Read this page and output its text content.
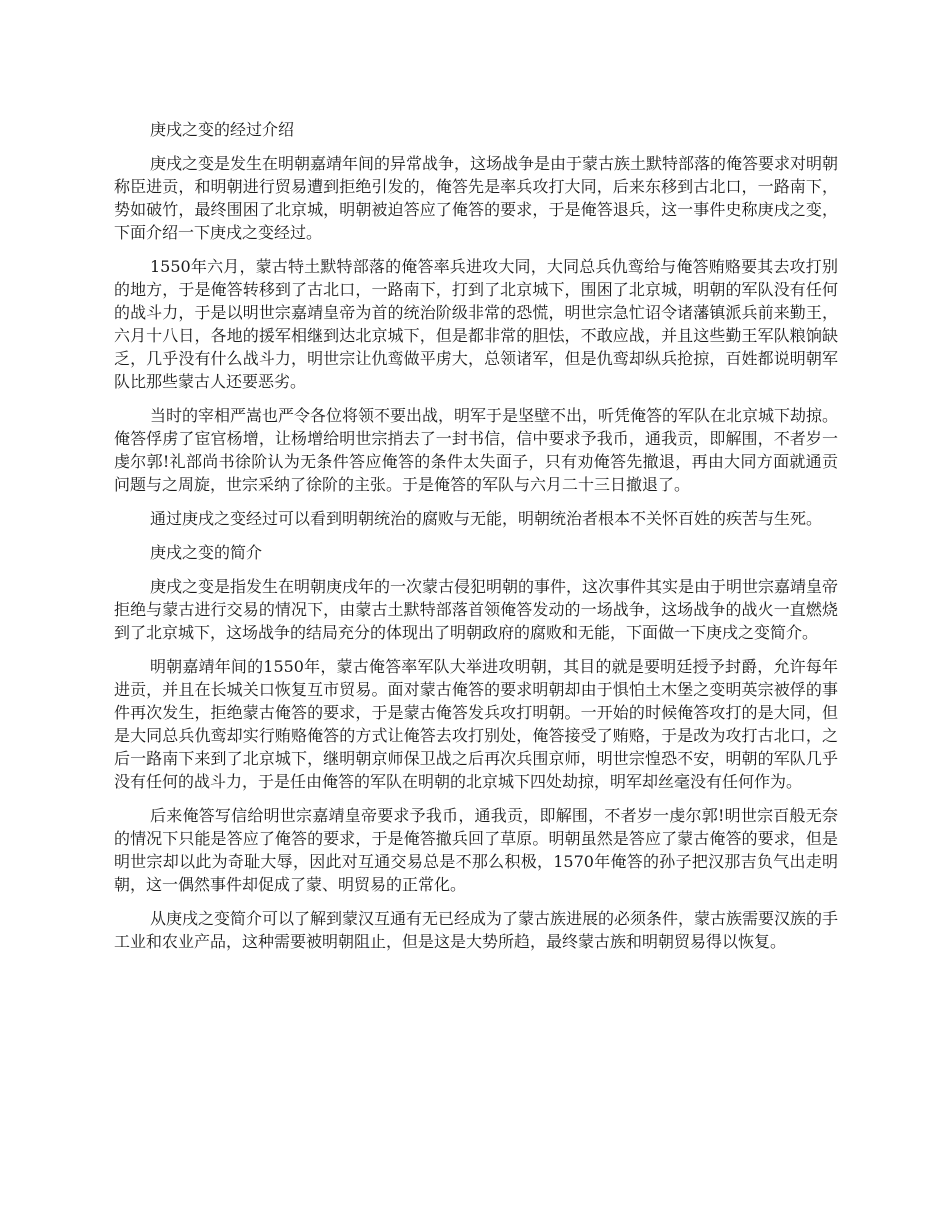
庚戌之变的经过介绍

庚戌之变是发生在明朝嘉靖年间的异常战争，这场战争是由于蒙古族土默特部落的俺答要求对明朝称臣进贡，和明朝进行贸易遭到拒绝引发的，俺答先是率兵攻打大同，后来东移到古北口，一路南下，势如破竹，最终围困了北京城，明朝被迫答应了俺答的要求，于是俺答退兵，这一事件史称庚戌之变，下面介绍一下庚戌之变经过。

1550年六月，蒙古特土默特部落的俺答率兵进攻大同，大同总兵仇鸾给与俺答贿赂要其去攻打别的地方，于是俺答转移到了古北口，一路南下，打到了北京城下，围困了北京城，明朝的军队没有任何的战斗力，于是以明世宗嘉靖皇帝为首的统治阶级非常的恐慌，明世宗急忙诏令诸藩镇派兵前来勤王，六月十八日，各地的援军相继到达北京城下，但是都非常的胆怯，不敢应战，并且这些勤王军队粮饷缺乏，几乎没有什么战斗力，明世宗让仇鸾做平虏大，总领诸军，但是仇鸾却纵兵抢掠，百姓都说明朝军队比那些蒙古人还要恶劣。

当时的宰相严嵩也严令各位将领不要出战，明军于是坚壁不出，听凭俺答的军队在北京城下劫掠。俺答俘虏了宦官杨增，让杨增给明世宗捎去了一封书信，信中要求予我币，通我贡，即解围，不者岁一虔尔郭!礼部尚书徐阶认为无条件答应俺答的条件太失面子，只有劝俺答先撤退，再由大同方面就通贡问题与之周旋，世宗采纳了徐阶的主张。于是俺答的军队与六月二十三日撤退了。

通过庚戌之变经过可以看到明朝统治的腐败与无能，明朝统治者根本不关怀百姓的疾苦与生死。

庚戌之变的简介

庚戌之变是指发生在明朝庚戌年的一次蒙古侵犯明朝的事件，这次事件其实是由于明世宗嘉靖皇帝拒绝与蒙古进行交易的情况下，由蒙古土默特部落首领俺答发动的一场战争，这场战争的战火一直燃烧到了北京城下，这场战争的结局充分的体现出了明朝政府的腐败和无能，下面做一下庚戌之变简介。

明朝嘉靖年间的1550年，蒙古俺答率军队大举进攻明朝，其目的就是要明廷授予封爵，允许每年进贡，并且在长城关口恢复互市贸易。面对蒙古俺答的要求明朝却由于惧怕土木堡之变明英宗被俘的事件再次发生，拒绝蒙古俺答的要求，于是蒙古俺答发兵攻打明朝。一开始的时候俺答攻打的是大同，但是大同总兵仇鸾却实行贿赂俺答的方式让俺答去攻打别处，俺答接受了贿赂，于是改为攻打古北口，之后一路南下来到了北京城下，继明朝京师保卫战之后再次兵围京师，明世宗惶恐不安，明朝的军队几乎没有任何的战斗力，于是任由俺答的军队在明朝的北京城下四处劫掠，明军却丝毫没有任何作为。

后来俺答写信给明世宗嘉靖皇帝要求予我币，通我贡，即解围，不者岁一虔尔郭!明世宗百般无奈的情况下只能是答应了俺答的要求，于是俺答撤兵回了草原。明朝虽然是答应了蒙古俺答的要求，但是明世宗却以此为奇耻大辱，因此对互通交易总是不那么积极，1570年俺答的孙子把汉那吉负气出走明朝，这一偶然事件却促成了蒙、明贸易的正常化。

从庚戌之变简介可以了解到蒙汉互通有无已经成为了蒙古族进展的必须条件，蒙古族需要汉族的手工业和农业产品，这种需要被明朝阻止，但是这是大势所趋，最终蒙古族和明朝贸易得以恢复。
